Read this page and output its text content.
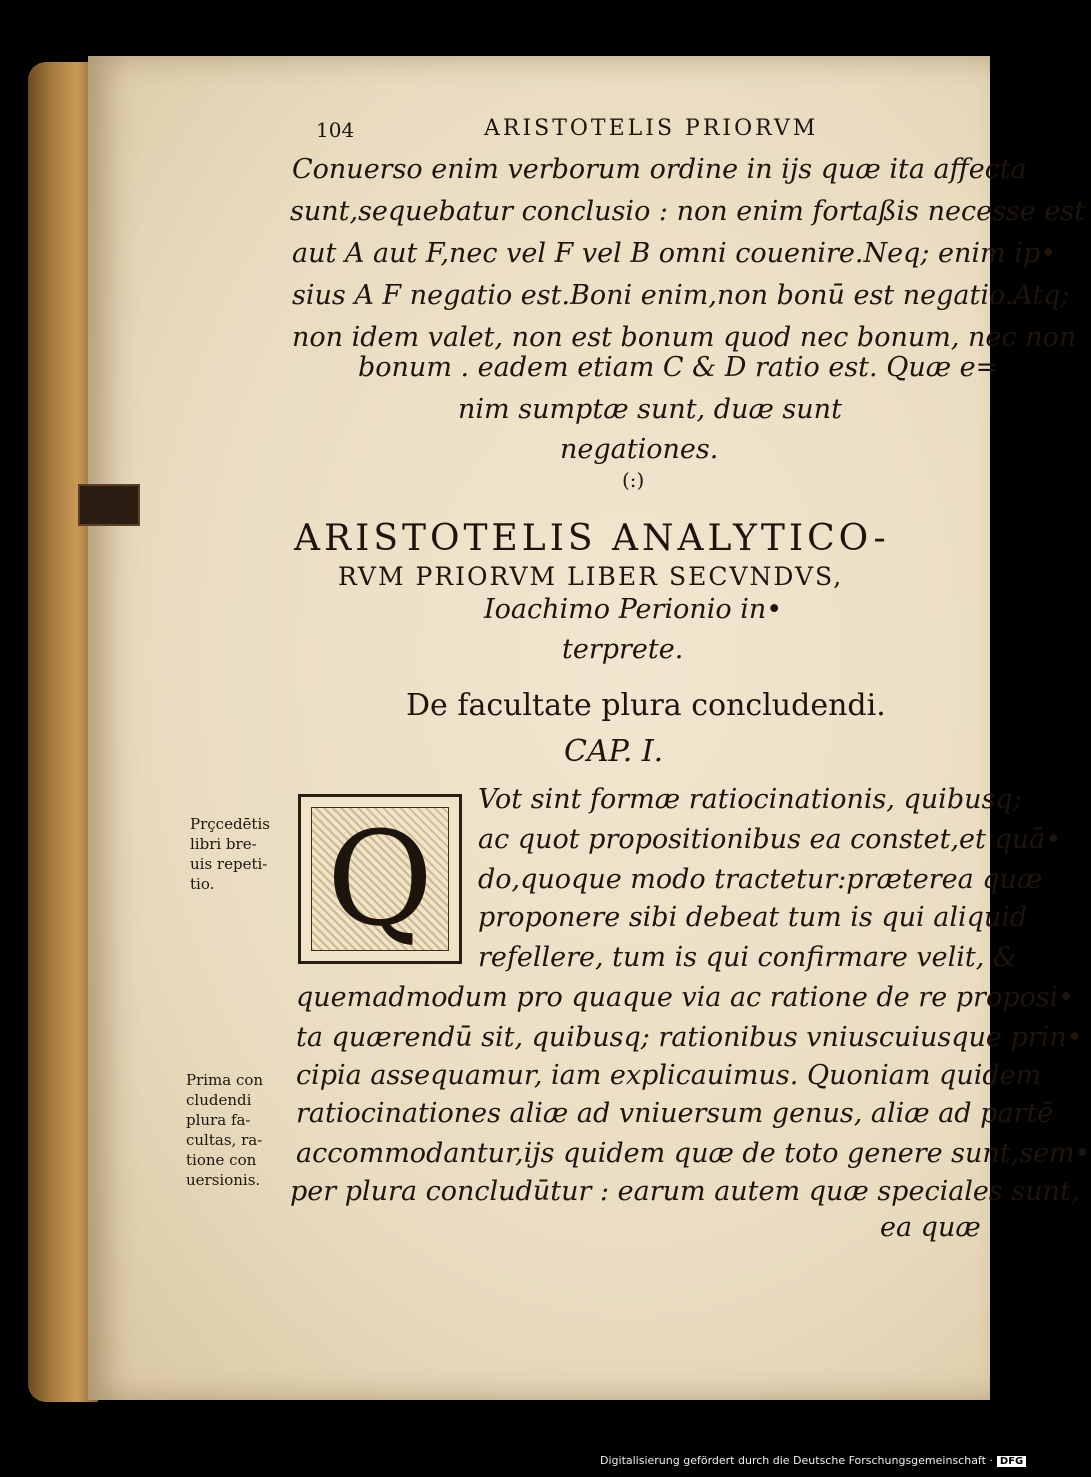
104	ARISTOTELIS PRIORVM
Conuerso enim verborum ordine in ijs quæ ita affecta
sunt,sequebatur conclusio : non enim fortaßis necesse est
aut A aut F,nec vel F vel B omni couenire.Neq; enim ip•
sius A F negatio est.Boni enim,non bonū est negatio.Atq;
non idem valet, non est bonum quod nec bonum, nec non
bonum . eadem etiam C & D ratio est. Quæ e=
nim sumptæ sunt, duæ sunt
negationes.
(:)
ARISTOTELIS ANALYTICO-
RVM PRIORVM LIBER SECVNDVS,
Ioachimo Perionio in•
terprete.
De facultate plura concludendi.
CAP. I.
Q
Vot sint formæ ratiocinationis, quibusq;
ac quot propositionibus ea constet,et quā•
do,quoque modo tractetur:præterea quæ
proponere sibi debeat tum is qui aliquid
refellere, tum is qui confirmare velit, &
quemadmodum pro quaque via ac ratione de re proposi•
ta quærendū sit, quibusq; rationibus vniuscuiusque prin•
cipia assequamur, iam explicauimus. Quoniam quidem
ratiocinationes aliæ ad vniuersum genus, aliæ ad partē
accommodantur,ijs quidem quæ de toto genere sunt,sem•
per plura concludūtur : earum autem quæ speciales sunt,
ea quæ
Prçcedētis
libri bre-
uis repeti-
tio.
Prima con
cludendi
plura fa-
cultas, ra-
tione con
uersionis.
Digitalisierung gefördert durch die Deutsche Forschungsgemeinschaft · DFG
